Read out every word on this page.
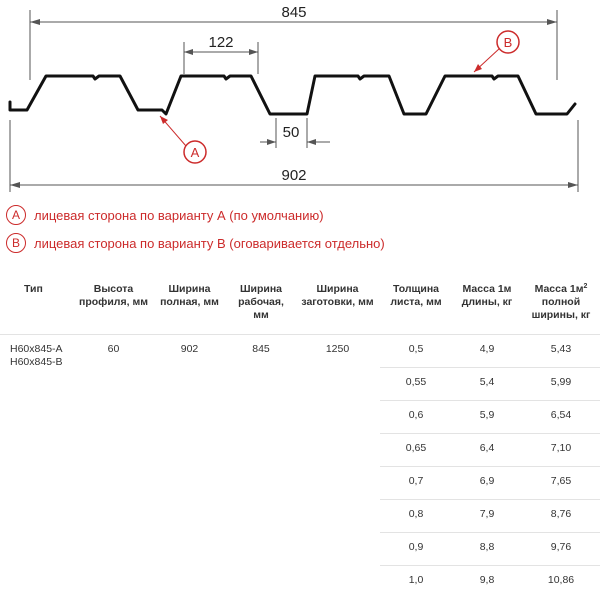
845
122
50
902
A
B
A	лицевая сторона по варианту А (по умолчанию)
B	лицевая сторона по варианту В (оговаривается отдельно)
Тип	Высота профиля, мм	Ширина полная, мм	Ширина рабочая, мм	Ширина заготовки, мм	Толщина листа, мм	Масса 1м длины, кг	Масса $1м^2$ полной ширины, кг
Н60х845-А Н60х845-В	60	902	845	1250	0,5	4,9	5,43
					0,55	5,4	5,99
					0,6	5,9	6,54
					0,65	6,4	7,10
					0,7	6,9	7,65
					0,8	7,9	8,76
					0,9	8,8	9,76
					1,0	9,8	10,86
